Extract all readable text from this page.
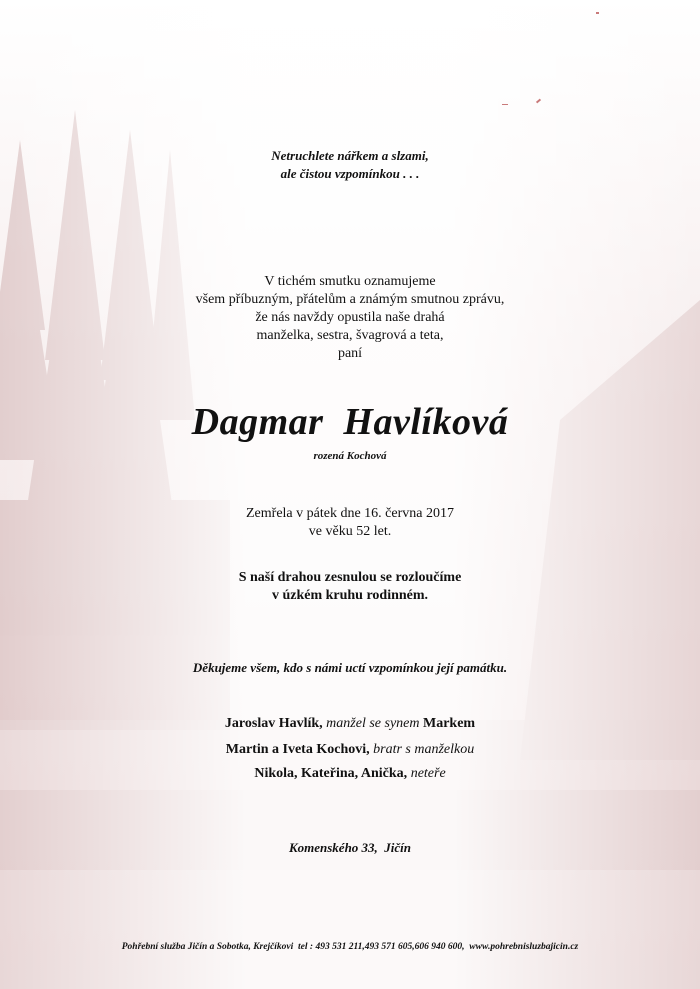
Netruchlete nářkem a slzami,
ale čistou vzpomínkou . . .
V tichém smutku oznamujeme
všem příbuzným, přátelům a známým smutnou zprávu,
že nás navždy opustila naše drahá
manželka, sestra, švagrová a teta,
paní
Dagmar  Havlíková
rozená Kochová
Zemřela v pátek dne 16. června 2017
ve věku 52 let.
S naší drahou zesnulou se rozloučíme
v úzkém kruhu rodinném.
Děkujeme všem, kdo s námi uctí vzpomínkou její památku.
Jaroslav Havlík, manžel se synem Markem
Martin a Iveta Kochovi, bratr s manželkou
Nikola, Kateřina, Anička, neteře
Komenského 33,  Jičín
Pohřební služba Jičín a Sobotka, Krejčíkovi  tel : 493 531 211,493 571 605,606 940 600,  www.pohrebnisluzbajicin.cz
